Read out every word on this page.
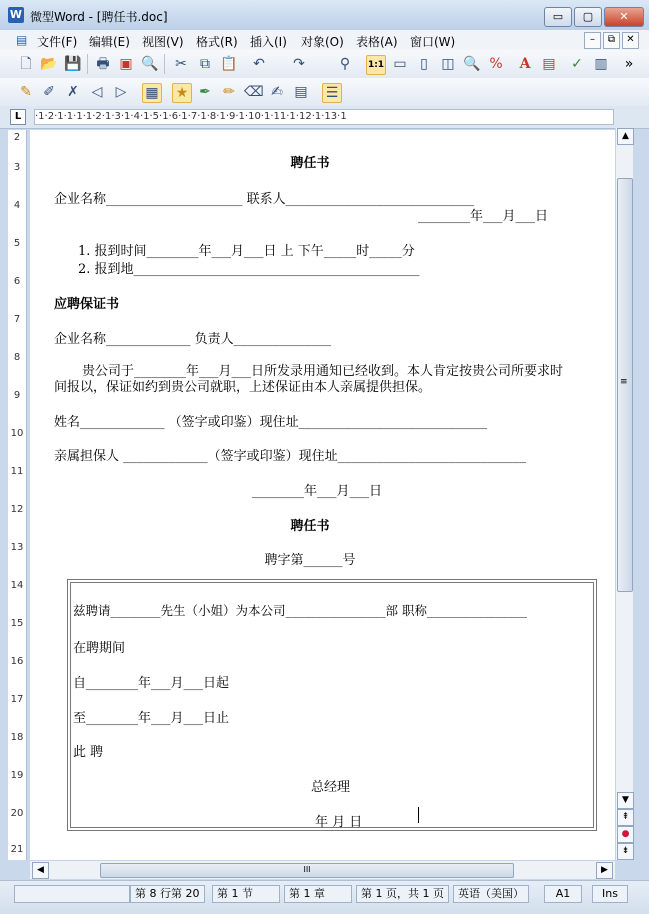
W 微型Word - [聘任书.doc]	▭	▢	✕
▤ 文件(F) 编辑(E) 视图(V) 格式(R) 插入(I) 对象(O) 表格(A) 窗口(W)	–	⧉	✕
🗋 📂 💾 🖶 ▣ 🔍 ✂ ⧉ 📋 ↶ ↷	⚲	1:1 ▭ ▯ ◫ 🔍 % A ▤ ✓ ▥	»
✎ ✐ ✗ ◁ ▷ ▦ ★ ✒ ✏ ⌫ ✍ ▤ ☰
L	·1·2·1·1·1·1·2·1·3·1·4·1·5·1·6·1·7·1·8·1·9·1·10·1·11·1·12·1·13·1
2
3
4
5
6
7
8
9
10
11
12
13
14
15
16
17
18
19
20
21
聘任书
企业名称_____________________ 联系人_____________________________
________年___月___日
1. 报到时间________年___月___日 上 下午_____时_____分
2. 报到地____________________________________________
应聘保证书
企业名称_____________ 负责人_______________
贵公司于________年___月___日所发录用通知已经收到。本人肯定按贵公司所要求时
间报以，保证如约到贵公司就职，上述保证由本人亲属提供担保。
姓名_____________ （签字或印鉴）现住址_____________________________
亲属担保人 _____________（签字或印鉴）现住址_____________________________
________年___月___日
聘任书
聘字第______号
兹聘请________先生（小姐）为本公司________________部 职称________________
在聘期间
自________年___月___日起
至________年___月___日止
此 聘
总经理
年 月 日
▲
≡
▼
⇞
●
⇟
◀	III	▶
第 8 行第 20	第 1 节	第 1 章	第 1 页，共 1 页	英语（美国）	A1	Ins
